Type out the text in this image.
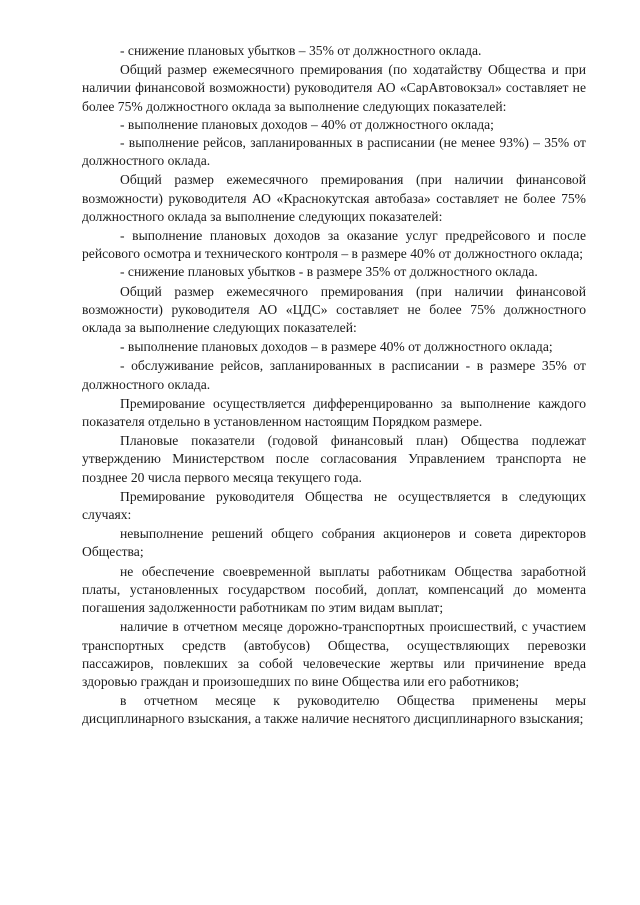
- снижение плановых убытков – 35% от должностного оклада.

Общий размер ежемесячного премирования (по ходатайству Общества и при наличии финансовой возможности) руководителя АО «СарАвтовокзал» составляет не более 75% должностного оклада за выполнение следующих показателей:

- выполнение плановых доходов – 40% от должностного оклада;

- выполнение рейсов, запланированных в расписании (не менее 93%) – 35% от должностного оклада.

Общий размер ежемесячного премирования (при наличии финансовой возможности) руководителя АО «Краснокутская автобаза» составляет не более 75% должностного оклада за выполнение следующих показателей:

- выполнение плановых доходов за оказание услуг предрейсового и после рейсового осмотра и технического контроля – в размере 40% от должностного оклада;

- снижение плановых убытков - в размере 35% от должностного оклада.

Общий размер ежемесячного премирования (при наличии финансовой возможности) руководителя АО «ЦДС» составляет не более 75% должностного оклада за выполнение следующих показателей:

- выполнение плановых доходов – в размере 40% от должностного оклада;

- обслуживание рейсов, запланированных в расписании - в размере 35% от должностного оклада.

Премирование осуществляется дифференцированно за выполнение каждого показателя отдельно в установленном настоящим Порядком размере.

Плановые показатели (годовой финансовый план) Общества подлежат утверждению Министерством после согласования Управлением транспорта не позднее 20 числа первого месяца текущего года.

Премирование руководителя Общества не осуществляется в следующих случаях:

невыполнение решений общего собрания акционеров и совета директоров Общества;

не обеспечение своевременной выплаты работникам Общества заработной платы, установленных государством пособий, доплат, компенсаций до момента погашения задолженности работникам по этим видам выплат;

наличие в отчетном месяце дорожно-транспортных происшествий, с участием транспортных средств (автобусов) Общества, осуществляющих перевозки пассажиров, повлекших за собой человеческие жертвы или причинение вреда здоровью граждан и произошедших по вине Общества или его работников;

в отчетном месяце к руководителю Общества применены меры дисциплинарного взыскания, а также наличие неснятого дисциплинарного взыскания;
